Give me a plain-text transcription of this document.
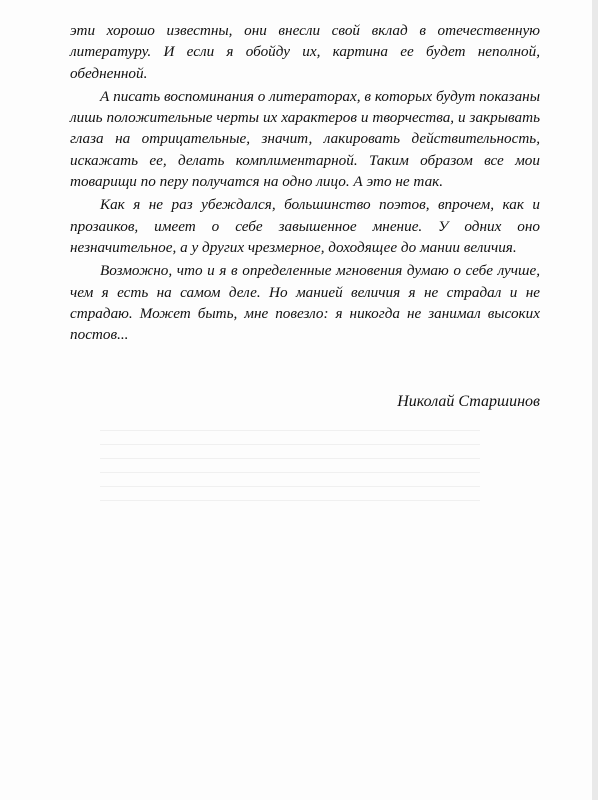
эти хорошо известны, они внесли свой вклад в отечественную литературу. И если я обойду их, картина ее будет неполной, обедненной.

А писать воспоминания о литераторах, в которых будут показаны лишь положительные черты их характеров и творчества, и закрывать глаза на отрицательные, значит, лакировать действительность, искажать ее, делать комплиментарной. Таким образом все мои товарищи по перу получатся на одно лицо. А это не так.

Как я не раз убеждался, большинство поэтов, впрочем, как и прозаиков, имеет о себе завышенное мнение. У одних оно незначительное, а у других чрезмерное, доходящее до мании величия.

Возможно, что и я в определенные мгновения думаю о себе лучше, чем я есть на самом деле. Но манией величия я не страдал и не страдаю. Может быть, мне повезло: я никогда не занимал высоких постов...

Николай Старшинов
